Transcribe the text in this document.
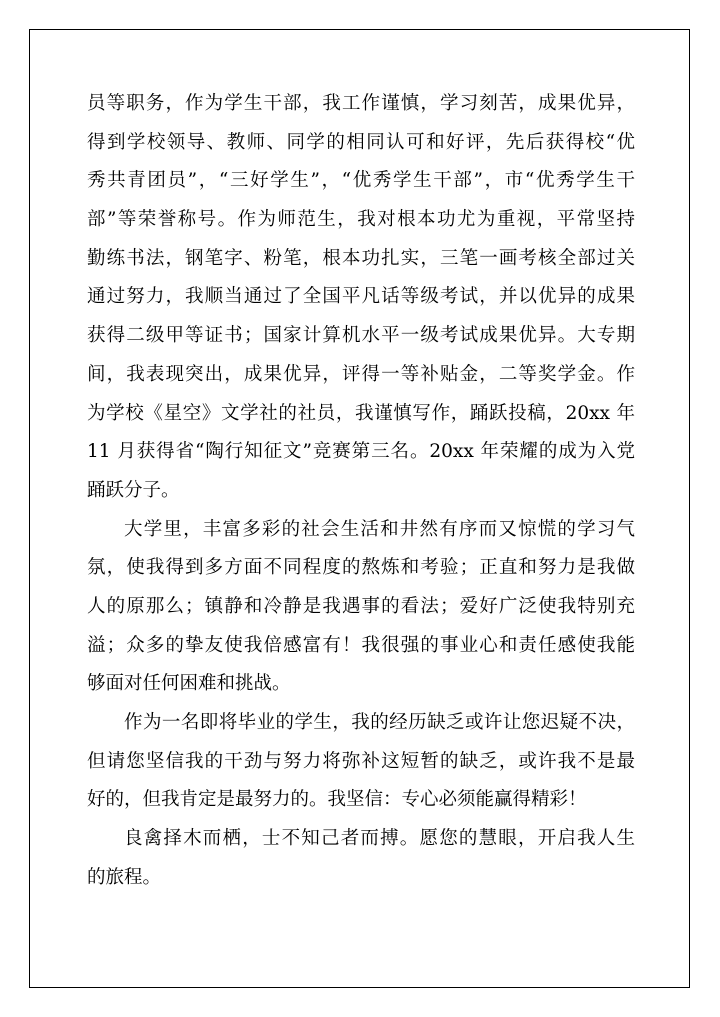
员等职务，作为学生干部，我工作谨慎，学习刻苦，成果优异，
得到学校领导、教师、同学的相同认可和好评，先后获得校“优
秀共青团员”，“三好学生”，“优秀学生干部”，市“优秀学生干
部”等荣誉称号。作为师范生，我对根本功尤为重视，平常坚持
勤练书法，钢笔字、粉笔，根本功扎实，三笔一画考核全部过关
通过努力，我顺当通过了全国平凡话等级考试，并以优异的成果
获得二级甲等证书；国家计算机水平一级考试成果优异。大专期
间，我表现突出，成果优异，评得一等补贴金，二等奖学金。作
为学校《星空》文学社的社员，我谨慎写作，踊跃投稿，20xx 年
11 月获得省“陶行知征文”竞赛第三名。20xx 年荣耀的成为入党
踊跃分子。
大学里，丰富多彩的社会生活和井然有序而又惊慌的学习气
氛，使我得到多方面不同程度的熬炼和考验；正直和努力是我做
人的原那么；镇静和冷静是我遇事的看法；爱好广泛使我特别充
溢；众多的挚友使我倍感富有！我很强的事业心和责任感使我能
够面对任何困难和挑战。
作为一名即将毕业的学生，我的经历缺乏或许让您迟疑不决，
但请您坚信我的干劲与努力将弥补这短暂的缺乏，或许我不是最
好的，但我肯定是最努力的。我坚信：专心必须能赢得精彩！
良禽择木而栖，士不知己者而搏。愿您的慧眼，开启我人生
的旅程。
